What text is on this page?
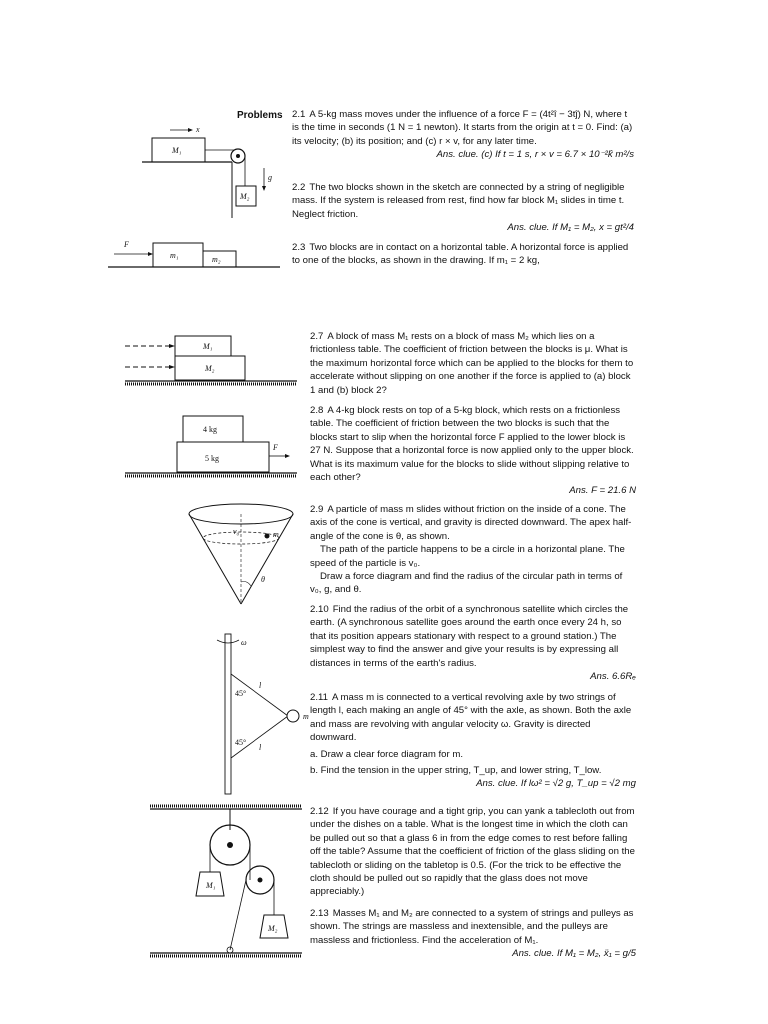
Problems 2.1 A 5-kg mass moves under the influence of a force F = (4t²î − 3tĵ) N, where t is the time in seconds (1 N = 1 newton). It starts from the origin at t = 0. Find: (a) its velocity; (b) its position; and (c) r × v, for any later time.

Ans. clue. (c) If t = 1 s, r × v = 6.7 × 10⁻²k̂ m²/s

2.2 The two blocks shown in the sketch are connected by a string of negligible mass. If the system is released from rest, find how far block M₁ slides in time t. Neglect friction.

Ans. clue. If M₁ = M₂, x = gt²/4

2.3 Two blocks are in contact on a horizontal table. A horizontal force is applied to one of the blocks, as shown in the drawing. If m₁ = 2 kg,

2.7 A block of mass M₁ rests on a block of mass M₂ which lies on a frictionless table. The coefficient of friction between the blocks is μ. What is the maximum horizontal force which can be applied to the blocks for them to accelerate without slipping on one another if the force is applied to (a) block 1 and (b) block 2?

2.8 A 4-kg block rests on top of a 5-kg block, which rests on a frictionless table. The coefficient of friction between the two blocks is such that the blocks start to slip when the horizontal force F applied to the lower block is 27 N. Suppose that a horizontal force is now applied only to the upper block. What is its maximum value for the blocks to slide without slipping relative to each other?

Ans. F = 21.6 N

2.9 A particle of mass m slides without friction on the inside of a cone. The axis of the cone is vertical, and gravity is directed downward. The apex half-angle of the cone is θ, as shown.

The path of the particle happens to be a circle in a horizontal plane. The speed of the particle is v₀.

Draw a force diagram and find the radius of the circular path in terms of v₀, g, and θ.

2.10 Find the radius of the orbit of a synchronous satellite which circles the earth. (A synchronous satellite goes around the earth once every 24 h, so that its position appears stationary with respect to a ground station.) The simplest way to find the answer and give your results is by expressing all distances in terms of the earth's radius.

Ans. 6.6Rₑ

2.11 A mass m is connected to a vertical revolving axle by two strings of length l, each making an angle of 45° with the axle, as shown. Both the axle and mass are revolving with angular velocity ω. Gravity is directed downward.

a. Draw a clear force diagram for m.

b. Find the tension in the upper string, T_up, and lower string, T_low.

Ans. clue. If lω² = √2 g, T_up = √2 mg

2.12 If you have courage and a tight grip, you can yank a tablecloth out from under the dishes on a table. What is the longest time in which the cloth can be pulled out so that a glass 6 in from the edge comes to rest before falling off the table? Assume that the coefficient of friction of the glass sliding on the tablecloth or sliding on the tabletop is 0.5. (For the trick to be effective the cloth should be pulled out so rapidly that the glass does not move appreciably.)

2.13 Masses M₁ and M₂ are connected to a system of strings and pulleys as shown. The strings are massless and inextensible, and the pulleys are massless and frictionless. Find the acceleration of M₁.

Ans. clue. If M₁ = M₂, ẍ₁ = g/5

x
M₁
M₂
g
F
m₁	m₂
M₁
M₂
4 kg
5 kg
F
m
v₀
θ
ω
m
45°
45°
l
l
M₁
M₂
